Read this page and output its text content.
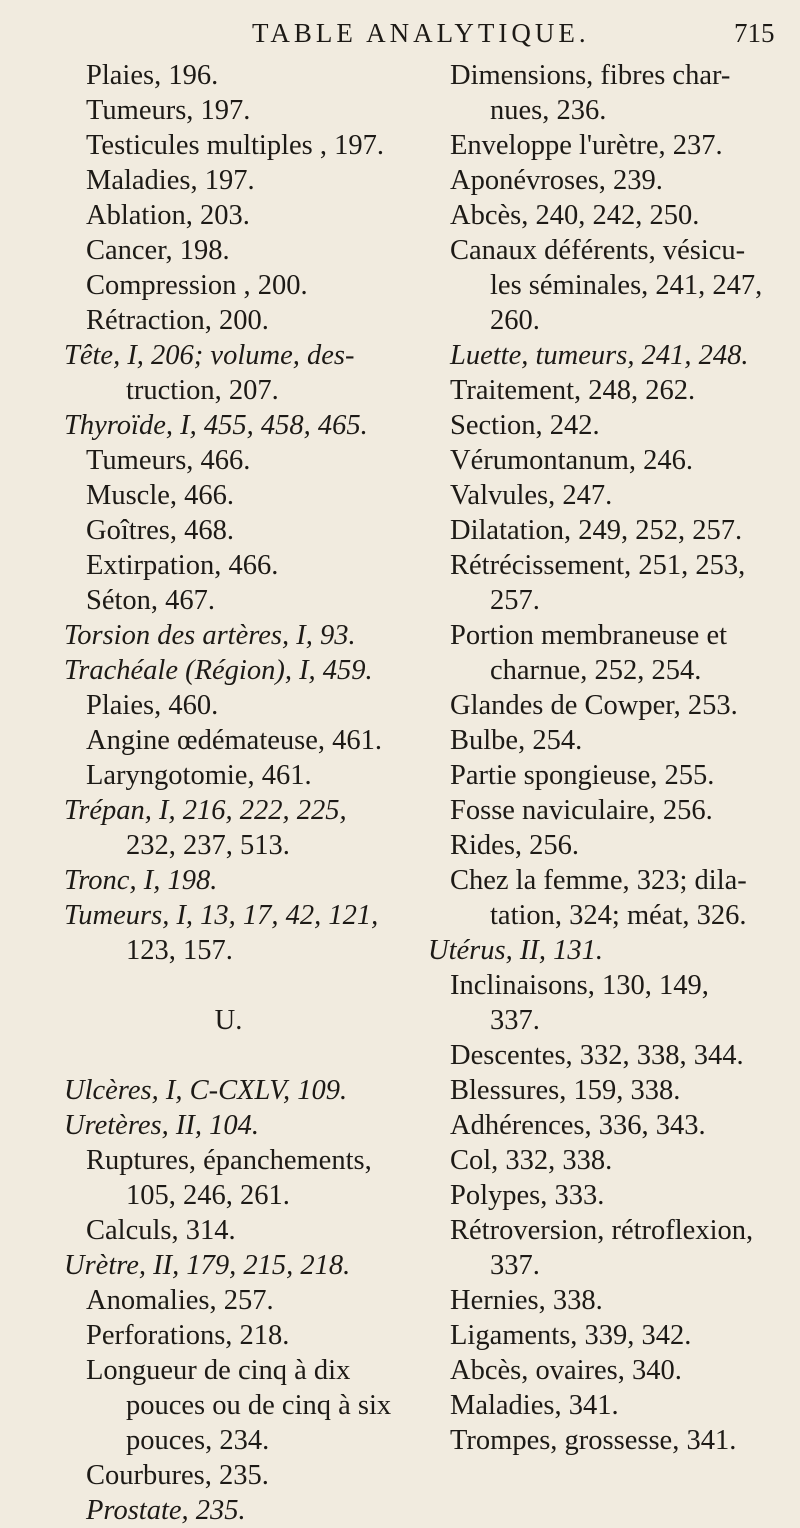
TABLE ANALYTIQUE.	715
Plaies, 196.
Tumeurs, 197.
Testicules multiples , 197.
Maladies, 197.
Ablation, 203.
Cancer, 198.
Compression , 200.
Rétraction, 200.
Tête, I, 206; volume, des-
truction, 207.
Thyroïde, I, 455, 458, 465.
Tumeurs, 466.
Muscle, 466.
Goîtres, 468.
Extirpation, 466.
Séton, 467.
Torsion des artères, I, 93.
Trachéale (Région), I, 459.
Plaies, 460.
Angine œdémateuse, 461.
Laryngotomie, 461.
Trépan, I, 216, 222, 225,
232, 237, 513.
Tronc, I, 198.
Tumeurs, I, 13, 17, 42, 121,
123, 157.
U.
Ulcères, I, C-CXLV, 109.
Uretères, II, 104.
Ruptures, épanchements,
105, 246, 261.
Calculs, 314.
Urètre, II, 179, 215, 218.
Anomalies, 257.
Perforations, 218.
Longueur de cinq à dix
pouces ou de cinq à six
pouces, 234.
Courbures, 235.
Prostate, 235.
Dimensions, fibres char-
nues, 236.
Enveloppe l'urètre, 237.
Aponévroses, 239.
Abcès, 240, 242, 250.
Canaux déférents, vésicu-
les séminales, 241, 247,
260.
Luette, tumeurs, 241, 248.
Traitement, 248, 262.
Section, 242.
Vérumontanum, 246.
Valvules, 247.
Dilatation, 249, 252, 257.
Rétrécissement, 251, 253,
257.
Portion membraneuse et
charnue, 252, 254.
Glandes de Cowper, 253.
Bulbe, 254.
Partie spongieuse, 255.
Fosse naviculaire, 256.
Rides, 256.
Chez la femme, 323; dila-
tation, 324; méat, 326.
Utérus, II, 131.
Inclinaisons, 130, 149,
337.
Descentes, 332, 338, 344.
Blessures, 159, 338.
Adhérences, 336, 343.
Col, 332, 338.
Polypes, 333.
Rétroversion, rétroflexion,
337.
Hernies, 338.
Ligaments, 339, 342.
Abcès, ovaires, 340.
Maladies, 341.
Trompes, grossesse, 341.
